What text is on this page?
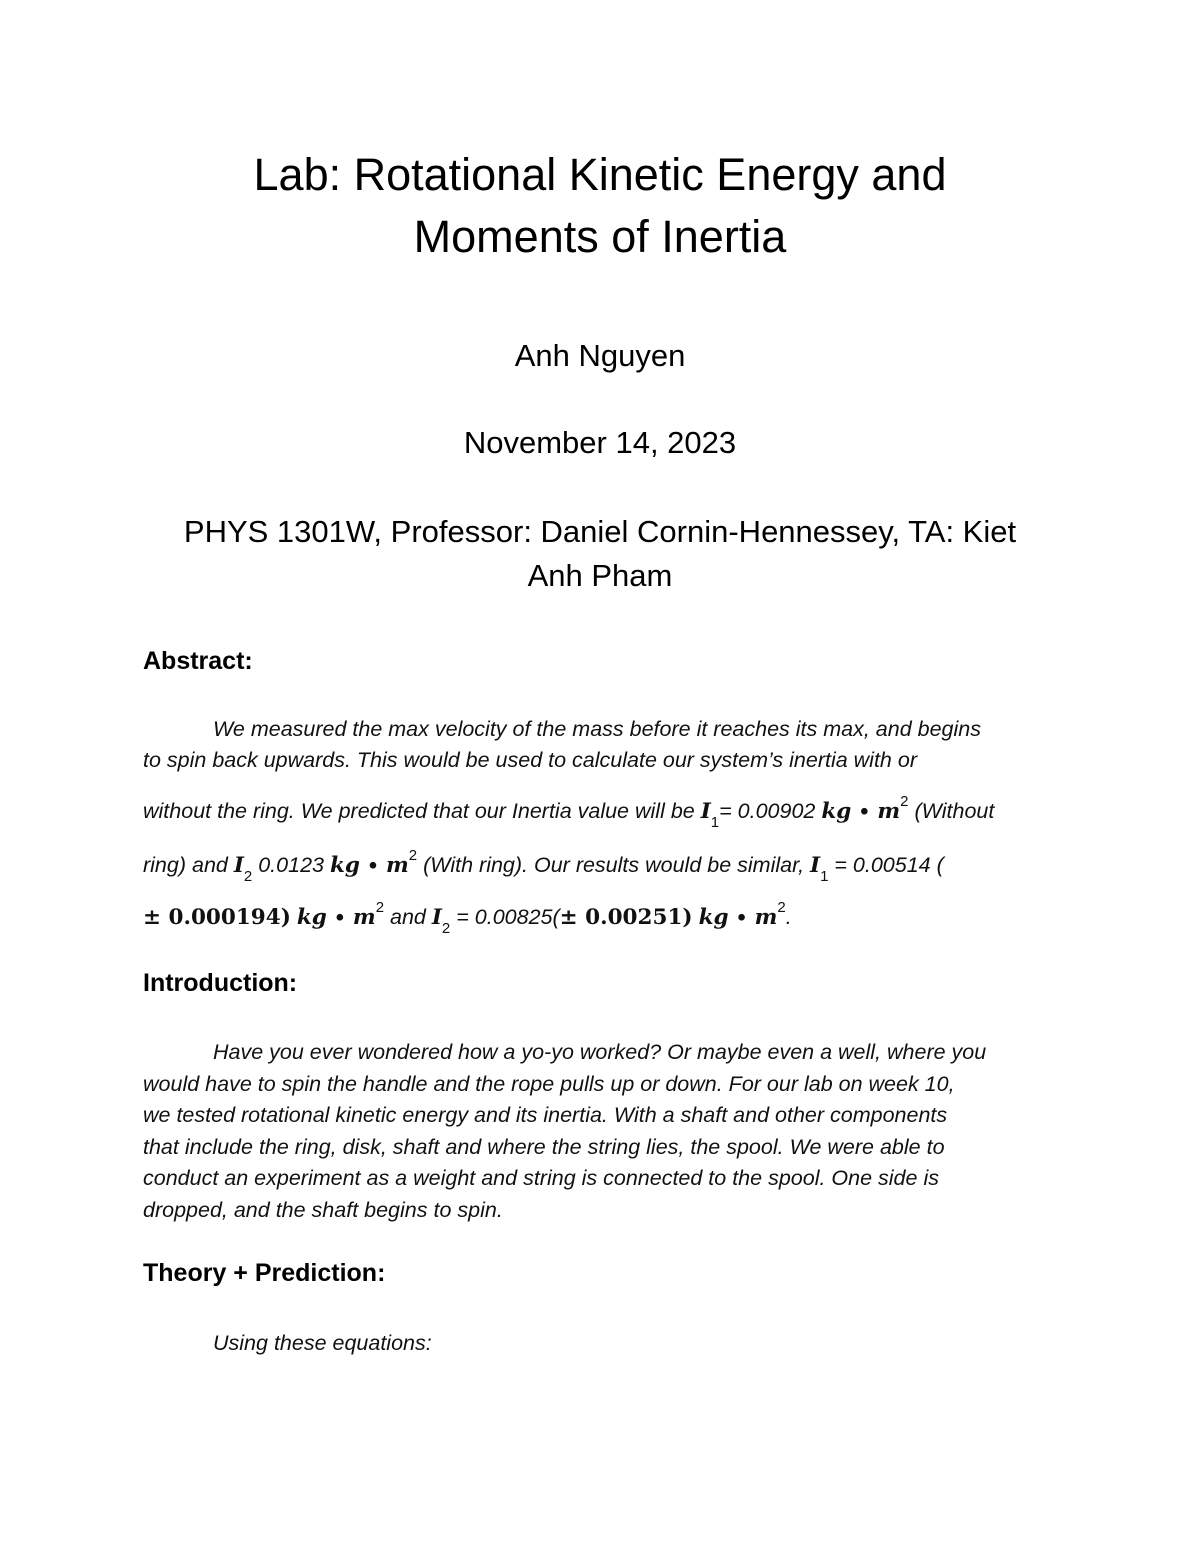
Lab: Rotational Kinetic Energy and
Moments of Inertia

Anh Nguyen

November 14, 2023

PHYS 1301W, Professor: Daniel Cornin-Hennessey, TA: Kiet
Anh Pham

Abstract:
We measured the max velocity of the mass before it reaches its max, and begins
to spin back upwards. This would be used to calculate our system’s inertia with or
without the ring. We predicted that our Inertia value will be $I_1= 0.00902$ kg ∙ $m^2$ (Without
ring) and $I_2$ 0.0123 kg ∙ $m^2$ (With ring). Our results would be similar, $I_1 = 0.00514$ (
± 0.000194) kg ∙ $m^2$ and $I_2 = 0.00825(\pm 0.00251)$ kg ∙ $m^2$.
Introduction:
Have you ever wondered how a yo-yo worked? Or maybe even a well, where you
would have to spin the handle and the rope pulls up or down. For our lab on week 10,
we tested rotational kinetic energy and its inertia. With a shaft and other components
that include the ring, disk, shaft and where the string lies, the spool. We were able to
conduct an experiment as a weight and string is connected to the spool. One side is
dropped, and the shaft begins to spin.
Theory + Prediction:
Using these equations:
